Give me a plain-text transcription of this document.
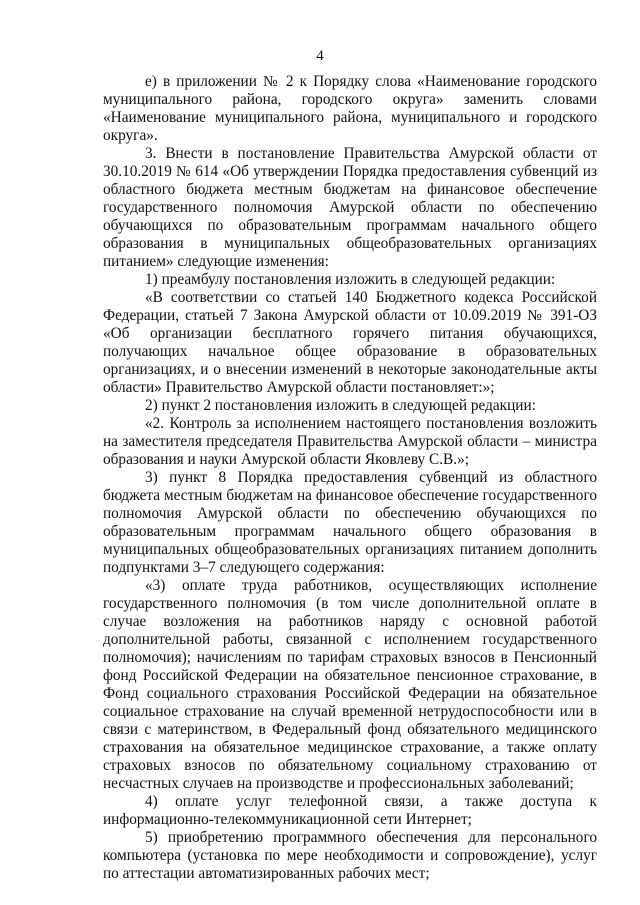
4

е) в приложении № 2 к Порядку слова «Наименование городского муниципального района, городского округа» заменить словами «Наименование муниципального района, муниципального и городского округа».

3. Внести в постановление Правительства Амурской области от 30.10.2019 № 614 «Об утверждении Порядка предоставления субвенций из областного бюджета местным бюджетам на финансовое обеспечение государственного полномочия Амурской области по обеспечению обучающихся по образовательным программам начального общего образования в муниципальных общеобразовательных организациях питанием» следующие изменения:

1) преамбулу постановления изложить в следующей редакции:

«В соответствии со статьей 140 Бюджетного кодекса Российской Федерации, статьей 7 Закона Амурской области от 10.09.2019 № 391-ОЗ «Об организации бесплатного горячего питания обучающихся, получающих начальное общее образование в образовательных организациях, и о внесении изменений в некоторые законодательные акты области» Правительство Амурской области постановляет:»;

2) пункт 2 постановления изложить в следующей редакции:

«2. Контроль за исполнением настоящего постановления возложить на заместителя председателя Правительства Амурской области – министра образования и науки Амурской области Яковлеву С.В.»;

3) пункт 8 Порядка предоставления субвенций из областного бюджета местным бюджетам на финансовое обеспечение государственного полномочия Амурской области по обеспечению обучающихся по образовательным программам начального общего образования в муниципальных общеобразовательных организациях питанием дополнить подпунктами 3–7 следующего содержания:

«3) оплате труда работников, осуществляющих исполнение государственного полномочия (в том числе дополнительной оплате в случае возложения на работников наряду с основной работой дополнительной работы, связанной с исполнением государственного полномочия); начислениям по тарифам страховых взносов в Пенсионный фонд Российской Федерации на обязательное пенсионное страхование, в Фонд социального страхования Российской Федерации на обязательное социальное страхование на случай временной нетрудоспособности или в связи с материнством, в Федеральный фонд обязательного медицинского страхования на обязательное медицинское страхование, а также оплату страховых взносов по обязательному социальному страхованию от несчастных случаев на производстве и профессиональных заболеваний;

4) оплате услуг телефонной связи, а также доступа к информационно-телекоммуникационной сети Интернет;

5) приобретению программного обеспечения для персонального компьютера (установка по мере необходимости и сопровождение), услуг по аттестации автоматизированных рабочих мест;
